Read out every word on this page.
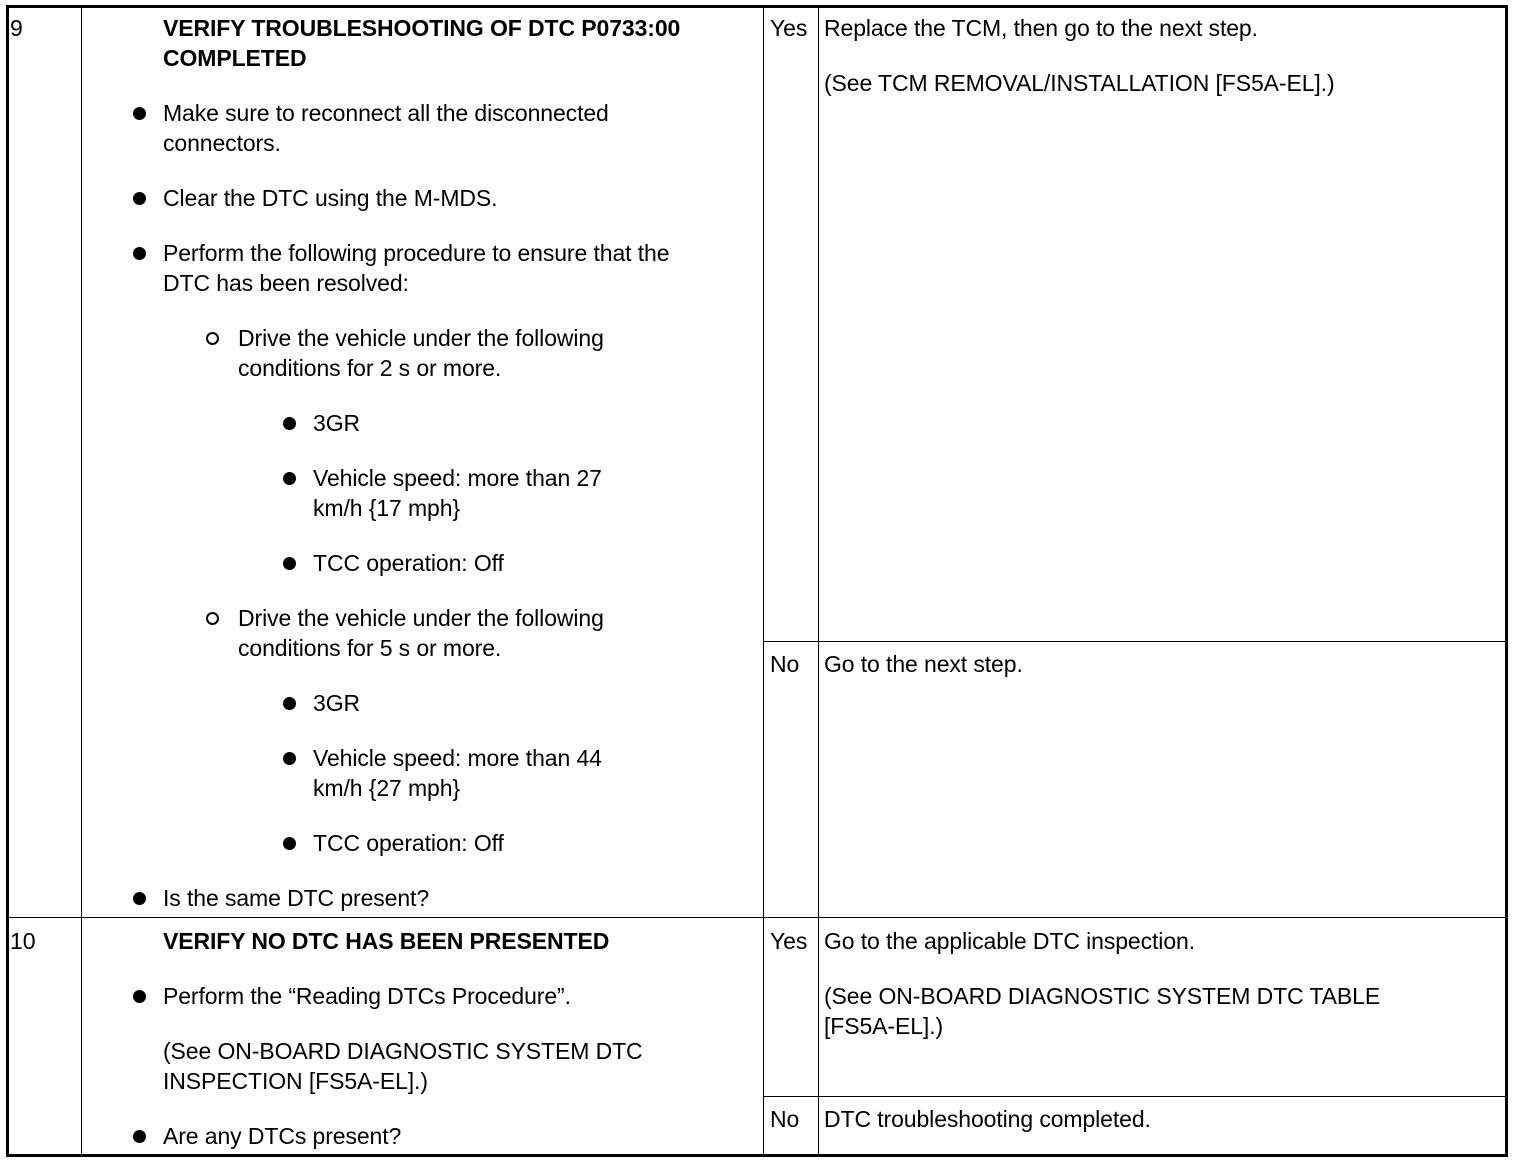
9	VERIFY TROUBLESHOOTING OF DTC P0733:00
COMPLETED
Make sure to reconnect all the disconnected
connectors.
Clear the DTC using the M-MDS.
Perform the following procedure to ensure that the
DTC has been resolved:
Drive the vehicle under the following
conditions for 2 s or more.
3GR
Vehicle speed: more than 27
km/h {17 mph}
TCC operation: Off
Drive the vehicle under the following
conditions for 5 s or more.
3GR
Vehicle speed: more than 44
km/h {27 mph}
TCC operation: Off
Is the same DTC present?
Yes Replace the TCM, then go to the next step.
(See TCM REMOVAL/INSTALLATION [FS5A-EL].)
No Go to the next step.
10	VERIFY NO DTC HAS BEEN PRESENTED
Perform the “Reading DTCs Procedure”.
(See ON-BOARD DIAGNOSTIC SYSTEM DTC
INSPECTION [FS5A-EL].)
Are any DTCs present?
Yes Go to the applicable DTC inspection.
(See ON-BOARD DIAGNOSTIC SYSTEM DTC TABLE
[FS5A-EL].)
No DTC troubleshooting completed.
